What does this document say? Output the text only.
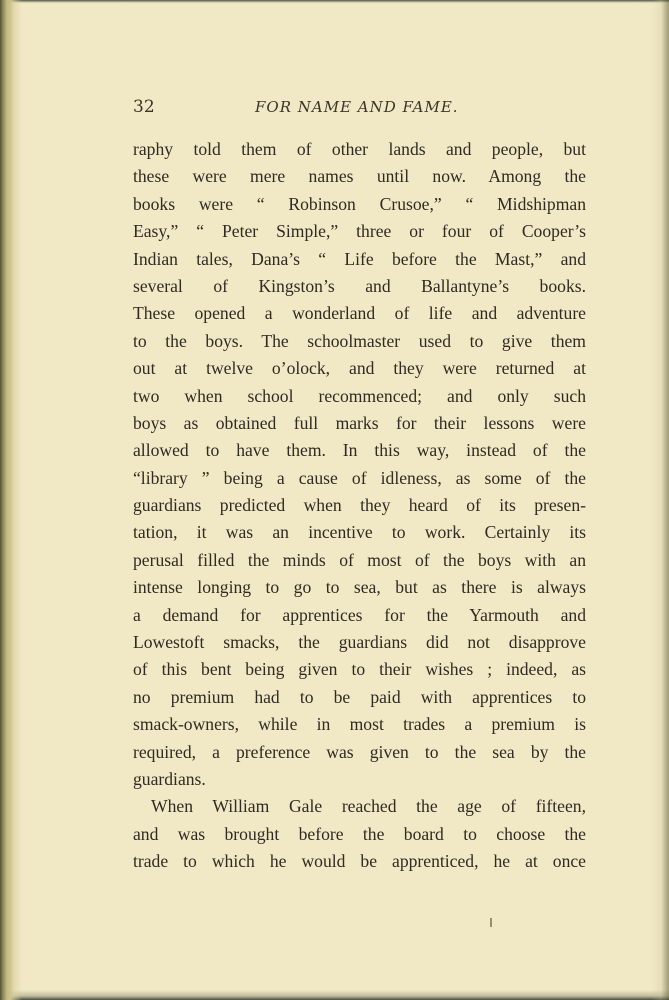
32	FOR NAME AND FAME.
raphy told them of other lands and people, but
these were mere names until now. Among the
books were “ Robinson Crusoe,” “ Midshipman
Easy,” “ Peter Simple,” three or four of Cooper’s
Indian tales, Dana’s “ Life before the Mast,” and
several of Kingston’s and Ballantyne’s books.
These opened a wonderland of life and adventure
to the boys. The schoolmaster used to give them
out at twelve o’olock, and they were returned at
two when school recommenced; and only such
boys as obtained full marks for their lessons were
allowed to have them. In this way, instead of the
“library ” being a cause of idleness, as some of the
guardians predicted when they heard of its presen-
tation, it was an incentive to work. Certainly its
perusal filled the minds of most of the boys with an
intense longing to go to sea, but as there is always
a demand for apprentices for the Yarmouth and
Lowestoft smacks, the guardians did not disapprove
of this bent being given to their wishes ; indeed, as
no premium had to be paid with apprentices to
smack-owners, while in most trades a premium is
required, a preference was given to the sea by the
guardians.
When William Gale reached the age of fifteen,
and was brought before the board to choose the
trade to which he would be apprenticed, he at once
